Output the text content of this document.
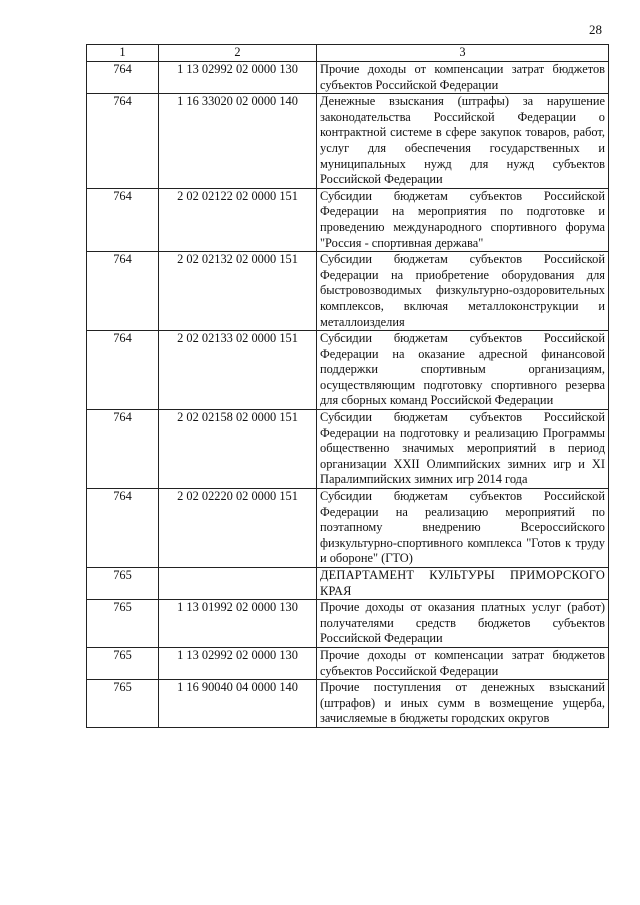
28
1	2	3
764	1 13 02992 02 0000 130	Прочие доходы от компенсации затрат бюджетов субъектов Российской Федерации

764	1 16 33020 02 0000 140	Денежные взыскания (штрафы) за нарушение законодательства Российской Федерации о контрактной системе в сфере закупок товаров, работ, услуг для обеспечения государственных и муниципальных нужд для нужд субъектов Российской Федерации

764	2 02 02122 02 0000 151	Субсидии бюджетам субъектов Российской Федерации на мероприятия по подготовке и проведению международного спортивного форума "Россия - спортивная держава"

764	2 02 02132 02 0000 151	Субсидии бюджетам субъектов Российской Федерации на приобретение оборудования для быстровозводимых физкультурно-оздоровительных комплексов, включая металлоконструкции и металлоизделия

764	2 02 02133 02 0000 151	Субсидии бюджетам субъектов Российской Федерации на оказание адресной финансовой поддержки спортивным организациям, осуществляющим подготовку спортивного резерва для сборных команд Российской Федерации

764	2 02 02158 02 0000 151	Субсидии бюджетам субъектов Российской Федерации на подготовку и реализацию Программы общественно значимых мероприятий в период организации XXII Олимпийских зимних игр и XI Паралимпийских зимних игр 2014 года

764	2 02 02220 02 0000 151	Субсидии бюджетам субъектов Российской Федерации на реализацию мероприятий по поэтапному внедрению Всероссийского физкультурно-спортивного комплекса "Готов к труду и обороне" (ГТО)

765		ДЕПАРТАМЕНТ КУЛЬТУРЫ ПРИМОРСКОГО КРАЯ

765	1 13 01992 02 0000 130	Прочие доходы от оказания платных услуг (работ) получателями средств бюджетов субъектов Российской Федерации

765	1 13 02992 02 0000 130	Прочие доходы от компенсации затрат бюджетов субъектов Российской Федерации

765	1 16 90040 04 0000 140	Прочие поступления от денежных взысканий (штрафов) и иных сумм в возмещение ущерба, зачисляемые в бюджеты городских округов
